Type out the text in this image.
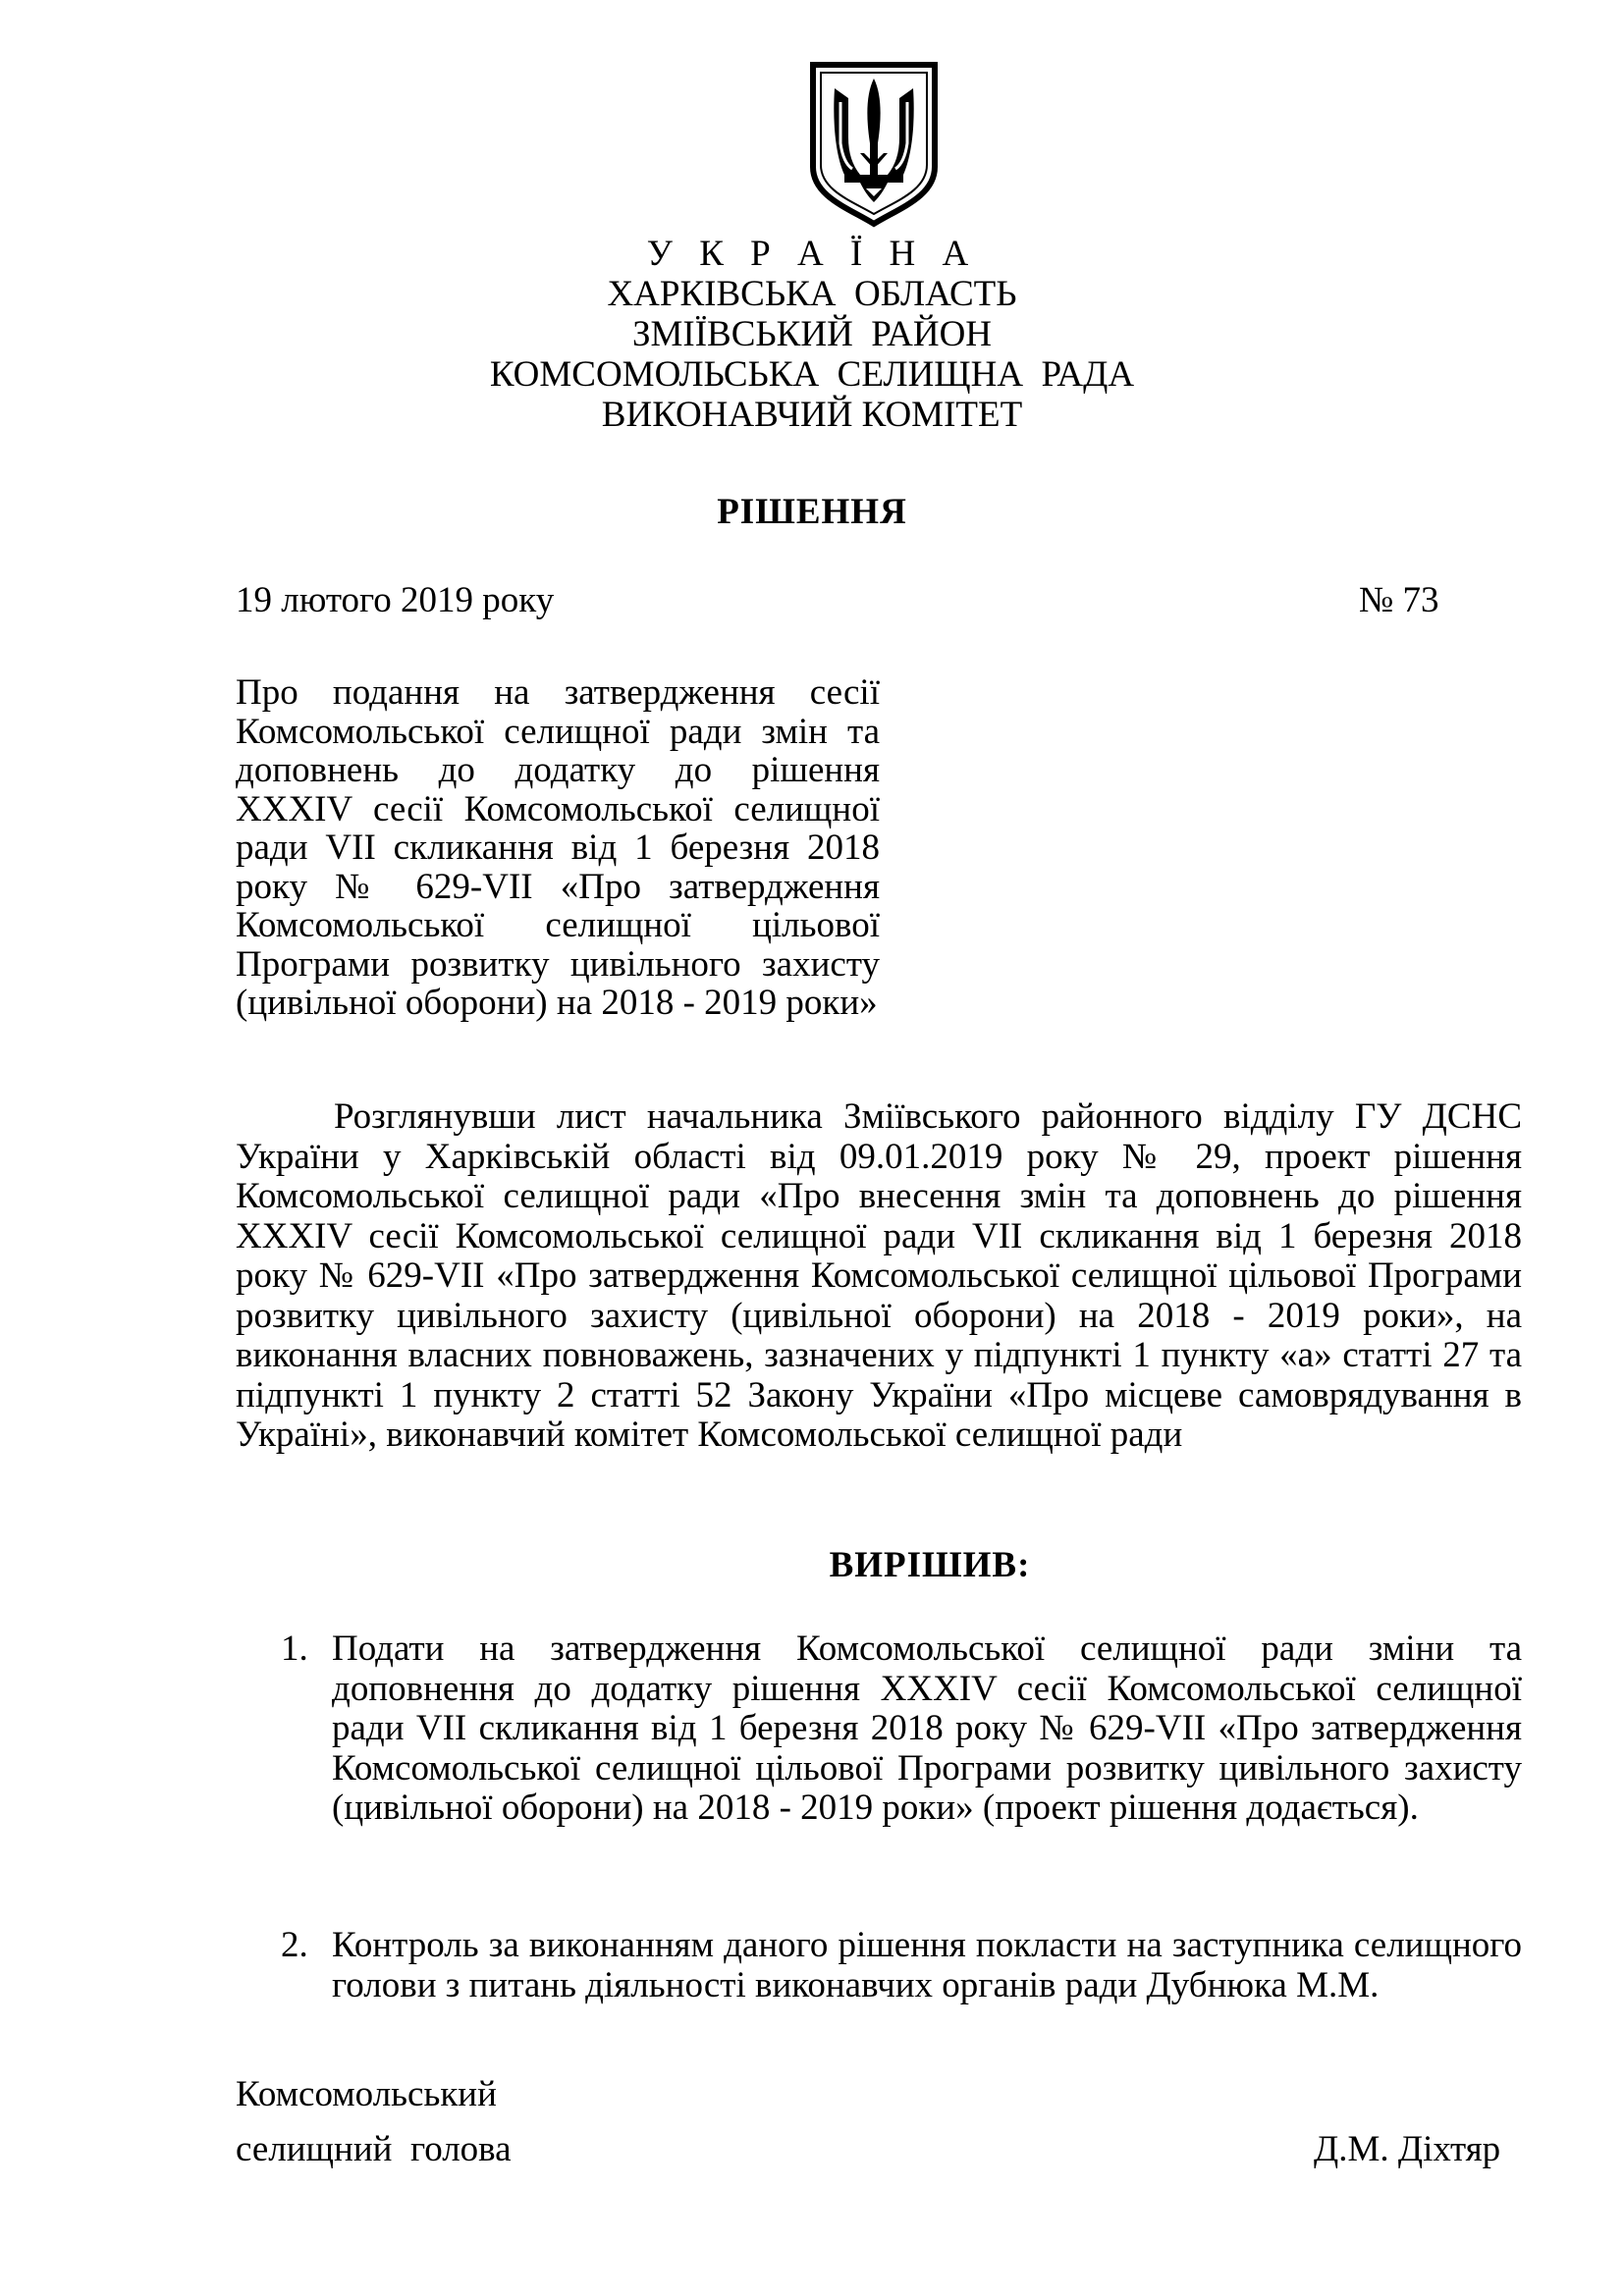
У К Р А Ї Н А
ХАРКІВСЬКА  ОБЛАСТЬ
ЗМІЇВСЬКИЙ  РАЙОН
КОМСОМОЛЬСЬКА  СЕЛИЩНА  РАДА
ВИКОНАВЧИЙ КОМІТЕТ
РІШЕННЯ
19 лютого 2019 року	№ 73
Про подання на затвердження сесії Комсомольської селищної ради змін та доповнень до додатку до рішення XXXIV сесії Комсомольської селищної ради VII скликання від 1 березня 2018 року № 629-VII «Про затвердження Комсомольської селищної цільової Програми розвитку цивільного захисту (цивільної оборони) на 2018 - 2019 роки»
Розглянувши лист начальника Зміївського районного відділу ГУ ДСНС України у Харківській області від 09.01.2019 року № 29, проект рішення Комсомольської селищної ради «Про внесення змін та доповнень до рішення XXXIV сесії Комсомольської селищної ради VII скликання від 1 березня 2018 року № 629-VII «Про затвердження Комсомольської селищної цільової Програми розвитку цивільного захисту (цивільної оборони) на 2018 - 2019 роки», на виконання власних повноважень, зазначених у підпункті 1 пункту «а» статті 27 та підпункті 1 пункту 2 статті 52 Закону України «Про місцеве самоврядування в Україні», виконавчий комітет Комсомольської селищної ради
ВИРІШИВ:
1. Подати на затвердження Комсомольської селищної ради зміни та доповнення до додатку рішення XXXIV сесії Комсомольської селищної ради VII скликання від 1 березня 2018 року № 629-VII «Про затвердження Комсомольської селищної цільової Програми розвитку цивільного захисту (цивільної оборони) на 2018 - 2019 роки» (проект рішення додається).
2. Контроль за виконанням даного рішення покласти на заступника селищного голови з питань діяльності виконавчих органів ради Дубнюка М.М.
Комсомольський
селищний  голова	Д.М. Діхтяр
